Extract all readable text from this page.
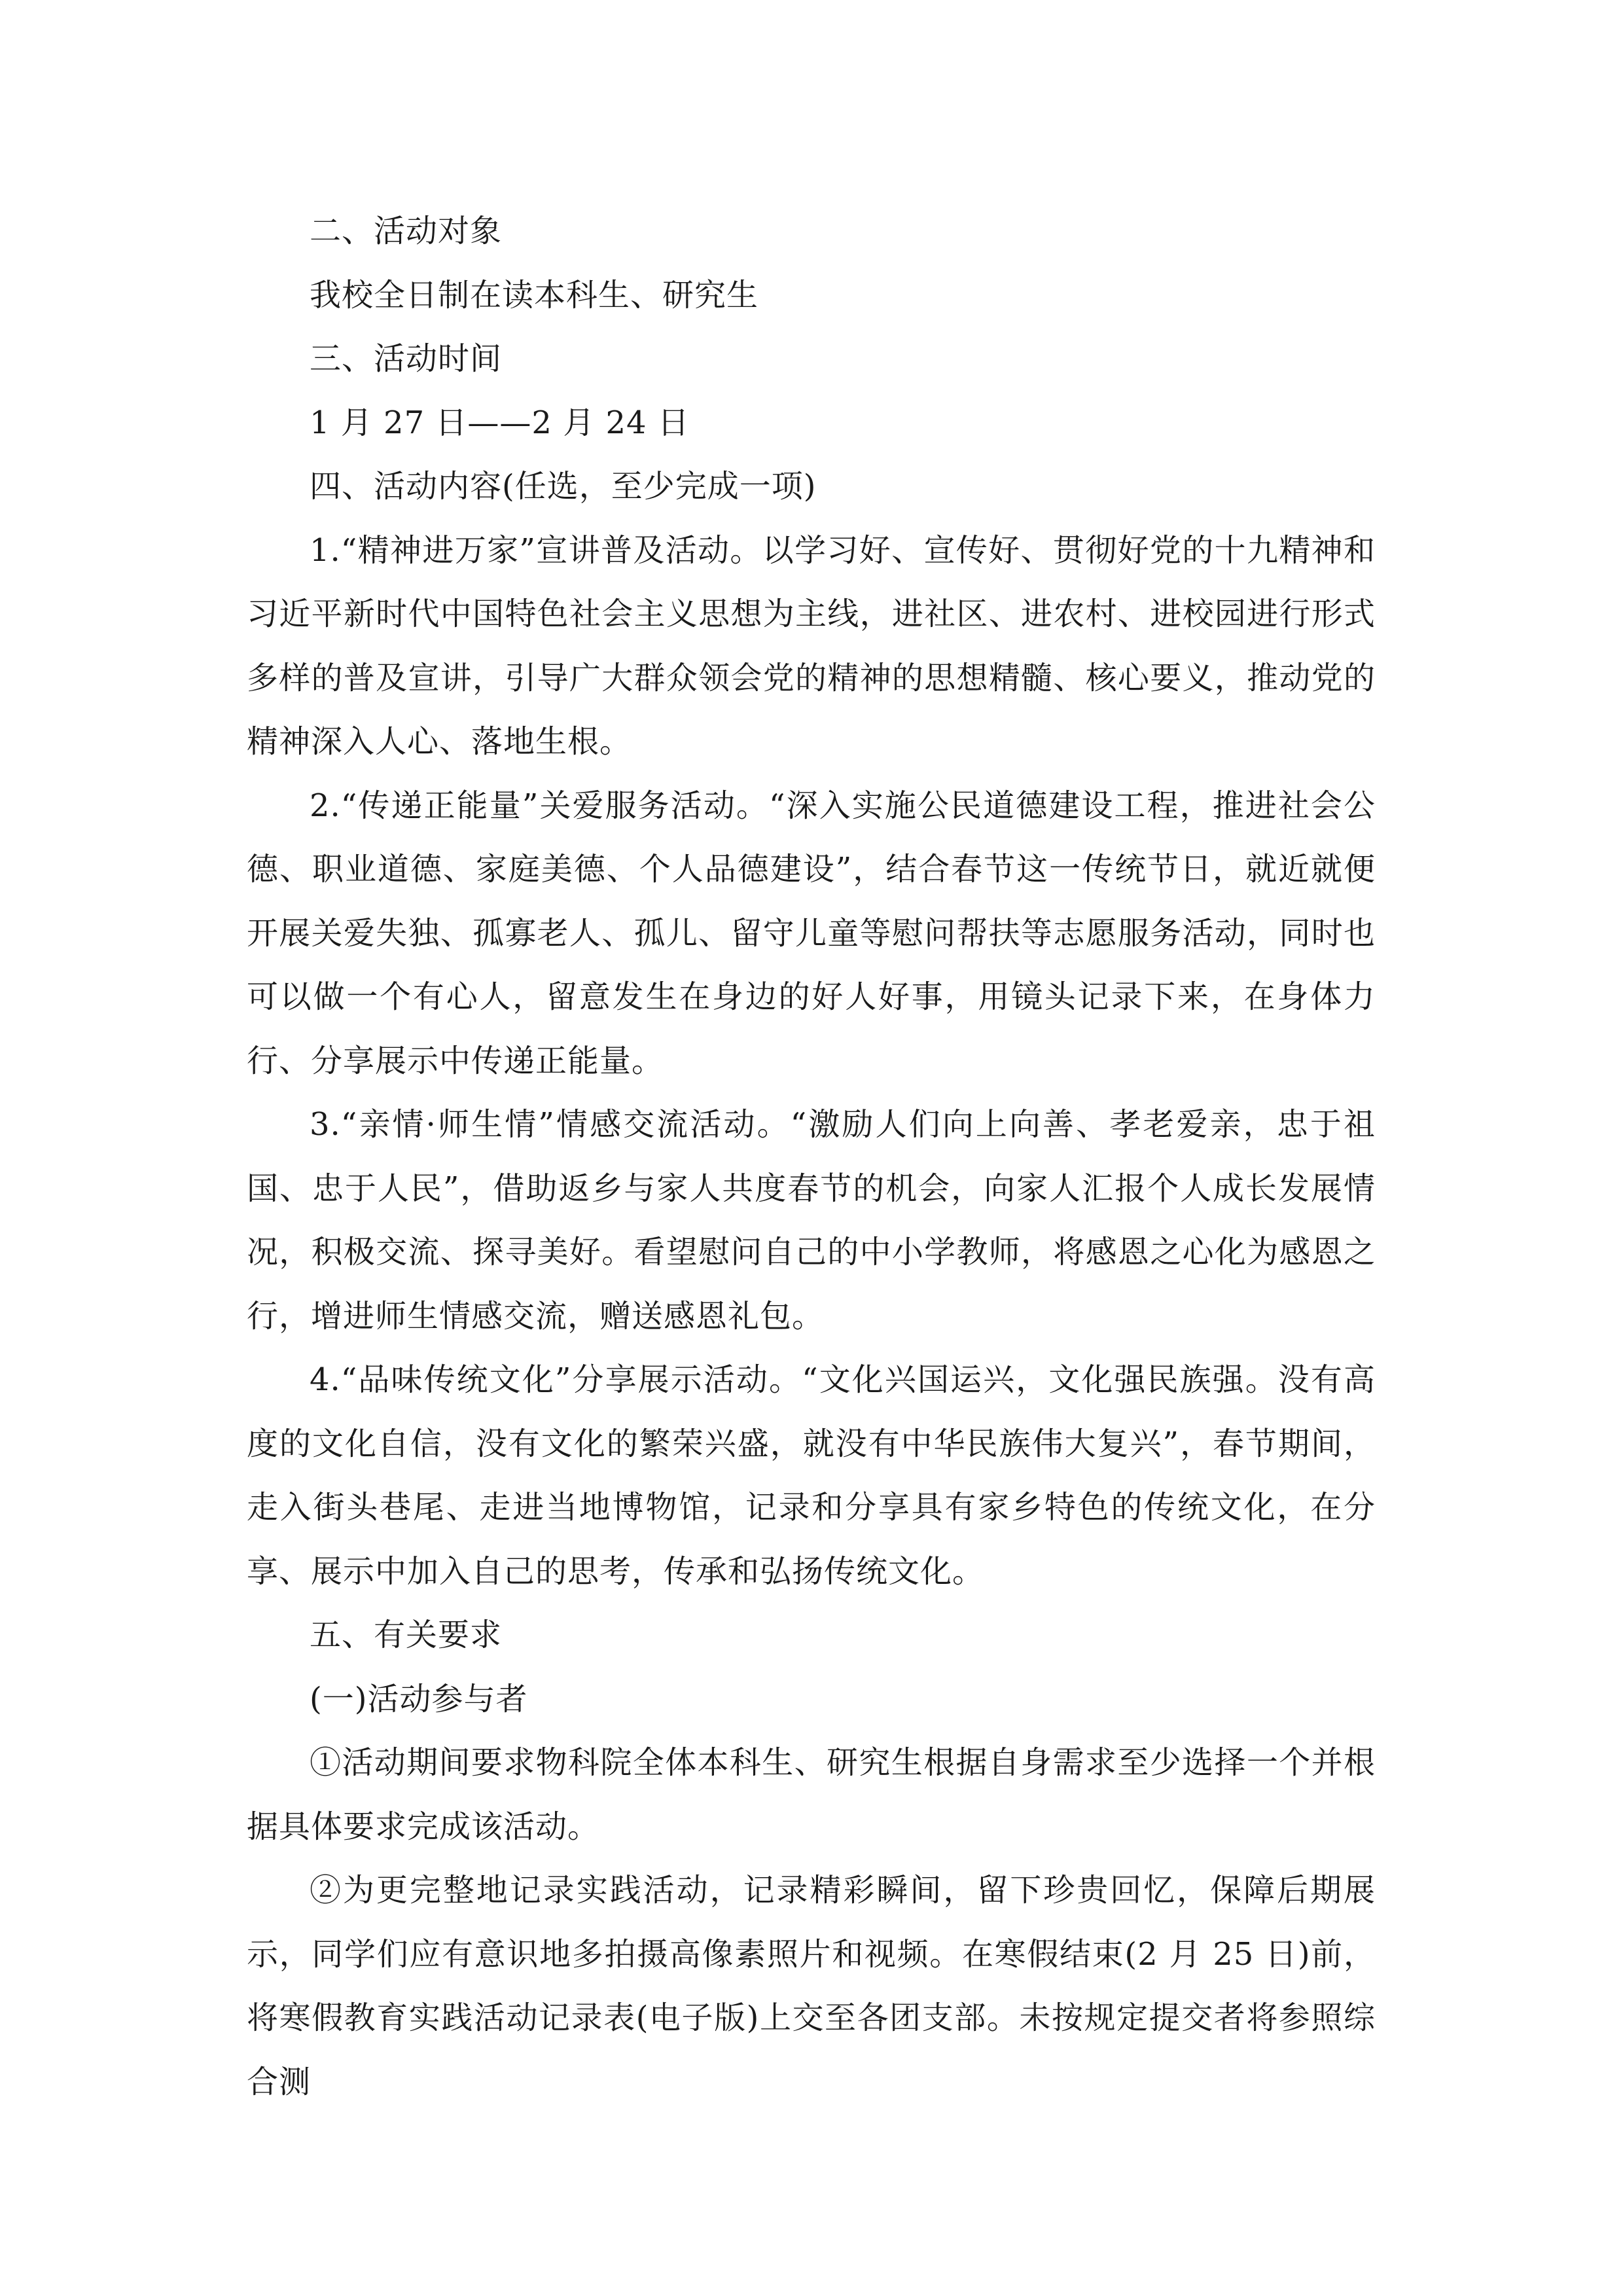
二、活动对象

我校全日制在读本科生、研究生

三、活动时间

1 月 27 日——2 月 24 日

四、活动内容(任选，至少完成一项)

1.“精神进万家”宣讲普及活动。以学习好、宣传好、贯彻好党的十九精神和习近平新时代中国特色社会主义思想为主线，进社区、进农村、进校园进行形式多样的普及宣讲，引导广大群众领会党的精神的思想精髓、核心要义，推动党的精神深入人心、落地生根。

2.“传递正能量”关爱服务活动。“深入实施公民道德建设工程，推进社会公德、职业道德、家庭美德、个人品德建设”，结合春节这一传统节日，就近就便开展关爱失独、孤寡老人、孤儿、留守儿童等慰问帮扶等志愿服务活动，同时也可以做一个有心人，留意发生在身边的好人好事，用镜头记录下来，在身体力行、分享展示中传递正能量。

3.“亲情·师生情”情感交流活动。“激励人们向上向善、孝老爱亲，忠于祖国、忠于人民”，借助返乡与家人共度春节的机会，向家人汇报个人成长发展情况，积极交流、探寻美好。看望慰问自己的中小学教师，将感恩之心化为感恩之行，增进师生情感交流，赠送感恩礼包。

4.“品味传统文化”分享展示活动。“文化兴国运兴，文化强民族强。没有高度的文化自信，没有文化的繁荣兴盛，就没有中华民族伟大复兴”，春节期间，走入街头巷尾、走进当地博物馆，记录和分享具有家乡特色的传统文化，在分享、展示中加入自己的思考，传承和弘扬传统文化。

五、有关要求

(一)活动参与者

①活动期间要求物科院全体本科生、研究生根据自身需求至少选择一个并根据具体要求完成该活动。

②为更完整地记录实践活动，记录精彩瞬间，留下珍贵回忆，保障后期展示，同学们应有意识地多拍摄高像素照片和视频。在寒假结束(2 月 25 日)前，将寒假教育实践活动记录表(电子版)上交至各团支部。未按规定提交者将参照综合测
